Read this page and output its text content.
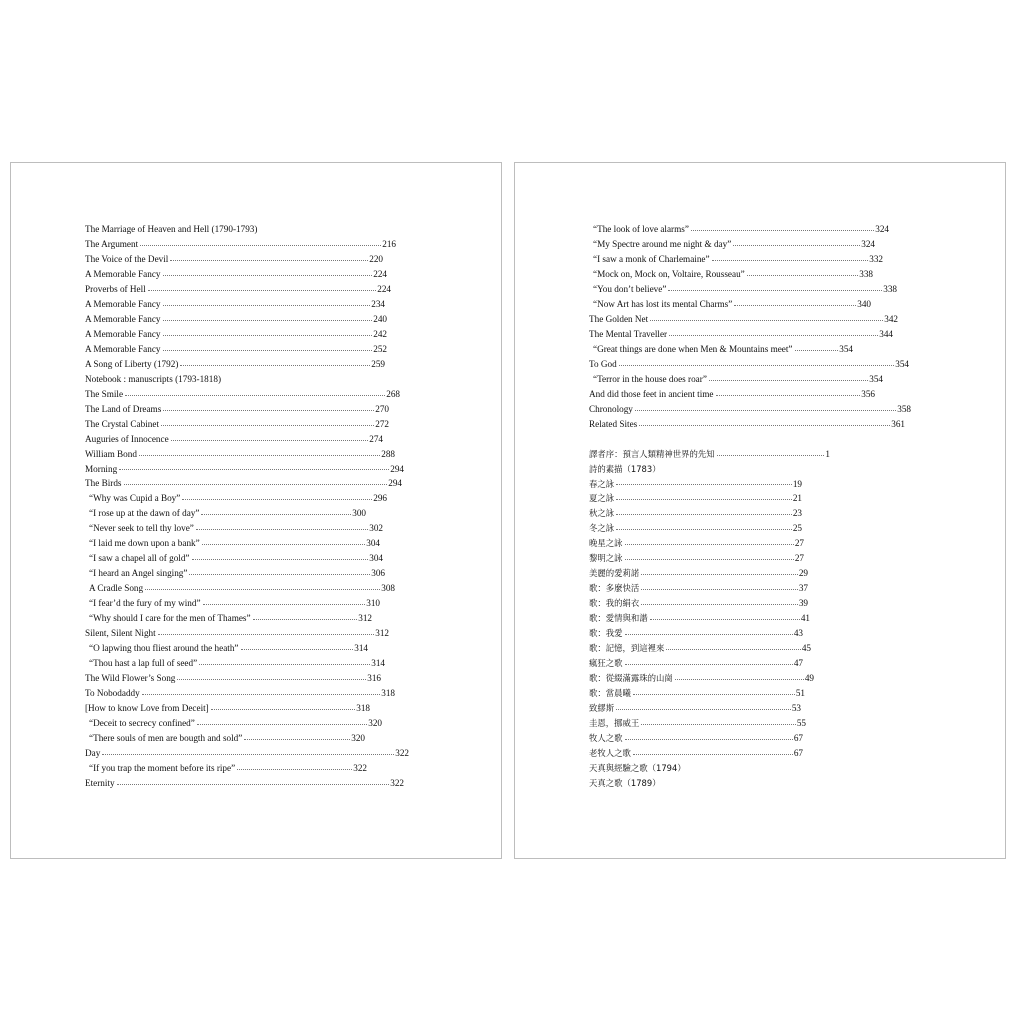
The Marriage of Heaven and Hell (1790-1793)
The Argument	216
The Voice of the Devil	220
A Memorable Fancy	224
Proverbs of Hell	224
A Memorable Fancy	234
A Memorable Fancy	240
A Memorable Fancy	242
A Memorable Fancy	252
A Song of Liberty (1792)	259
Notebook : manuscripts (1793-1818)
The Smile	268
The Land of Dreams	270
The Crystal Cabinet	272
Auguries of Innocence	274
William Bond	288
Morning	294
The Birds	294
“Why was Cupid a Boy”	296
“I rose up at the dawn of day”	300
“Never seek to tell thy love”	302
“I laid me down upon a bank”	304
“I saw a chapel all of gold”	304
“I heard an Angel singing”	306
A Cradle Song	308
“I fear’d the fury of my wind”	310
“Why should I care for the men of Thames”	312
Silent, Silent Night	312
“O lapwing thou fliest around the heath”	314
“Thou hast a lap full of seed”	314
The Wild Flower’s Song	316
To Nobodaddy	318
[How to know Love from Deceit]	318
“Deceit to secrecy confined”	320
“There souls of men are bougth and sold”	320
Day	322
“If you trap the moment before its ripe”	322
Eternity	322
“The look of love alarms”	324
“My Spectre around me night & day”	324
“I saw a monk of Charlemaine”	332
“Mock on, Mock on, Voltaire, Rousseau”	338
“You don’t believe”	338
“Now Art has lost its mental Charms”	340
The Golden Net	342
The Mental Traveller	344
“Great things are done when Men & Mountains meet”	354
To God	354
“Terror in the house does roar”	354
And did those feet in ancient time	356
Chronology	358
Related Sites	361
譯者序：預言人類精神世界的先知	1
詩的素描（1783）
春之詠	19
夏之詠	21
秋之詠	23
冬之詠	25
晚星之詠	27
黎明之詠	27
美麗的愛莉諾	29
歌：多麼快活	37
歌：我的絹衣	39
歌：愛情與和諧	41
歌：我愛	43
歌：記憶，到這裡來	45
瘋狂之歌	47
歌：從綴滿露珠的山崗	49
歌：當晨曦	51
致繆斯	53
圭恩，挪威王	55
牧人之歌	67
老牧人之歌	67
天真與經驗之歌（1794）
天真之歌（1789）
